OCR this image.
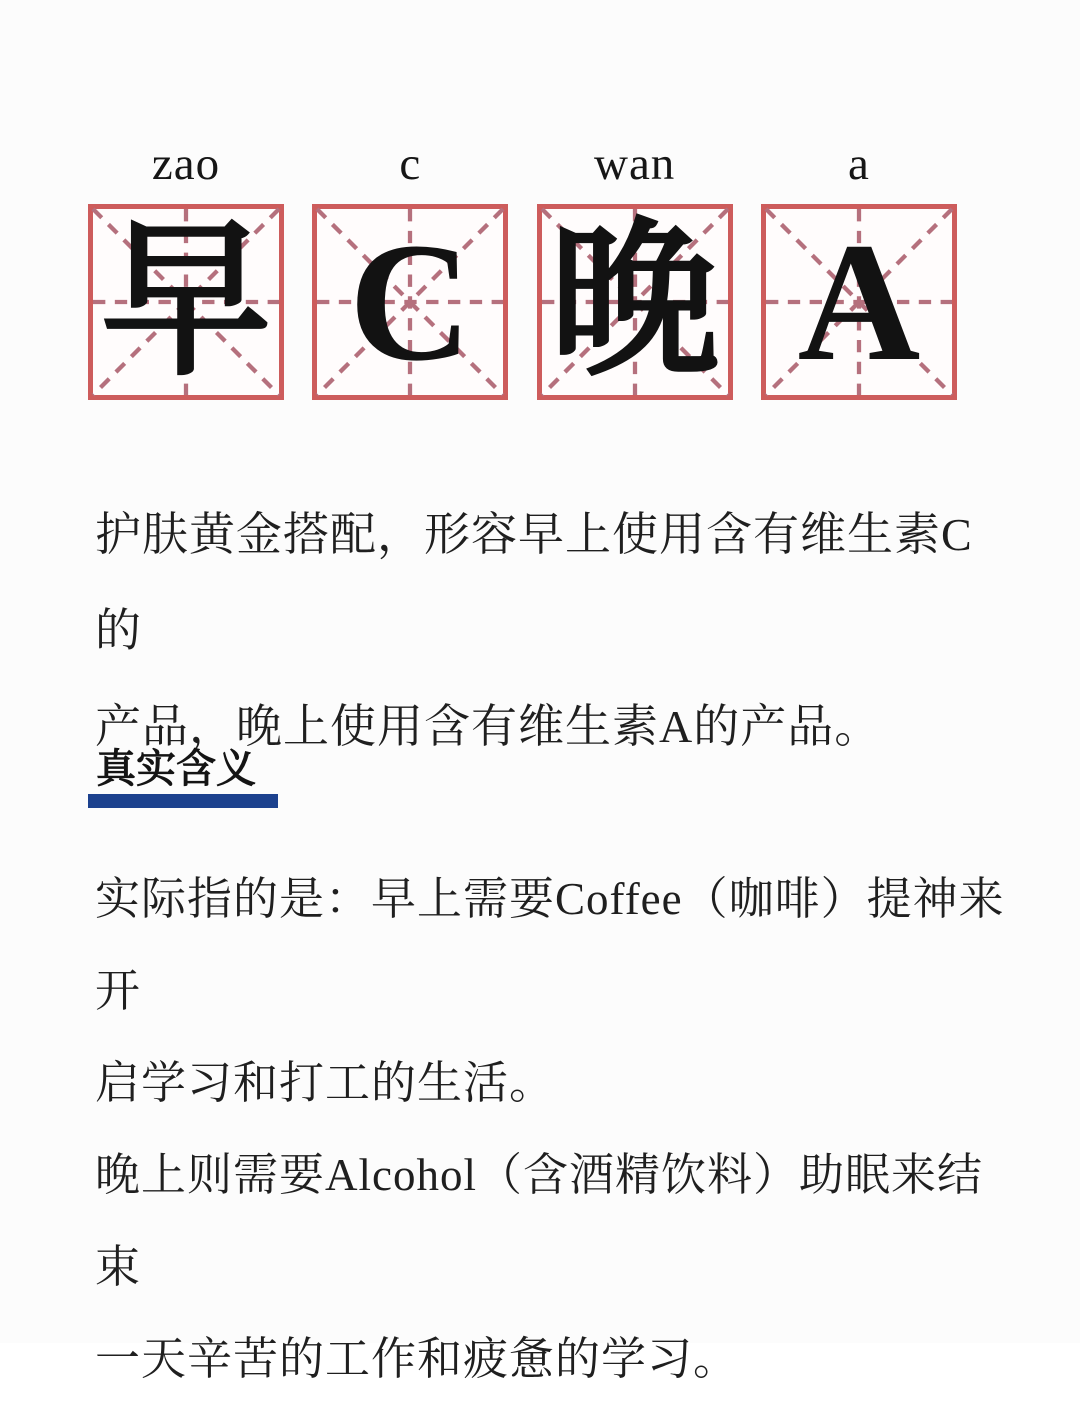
zao
早
c
C
wan
晚
a
A
护肤黄金搭配，形容早上使用含有维生素C的
产品，晚上使用含有维生素A的产品。
真实含义
实际指的是：早上需要Coffee（咖啡）提神来开
启学习和打工的生活。
晚上则需要Alcohol（含酒精饮料）助眠来结束
一天辛苦的工作和疲惫的学习。
